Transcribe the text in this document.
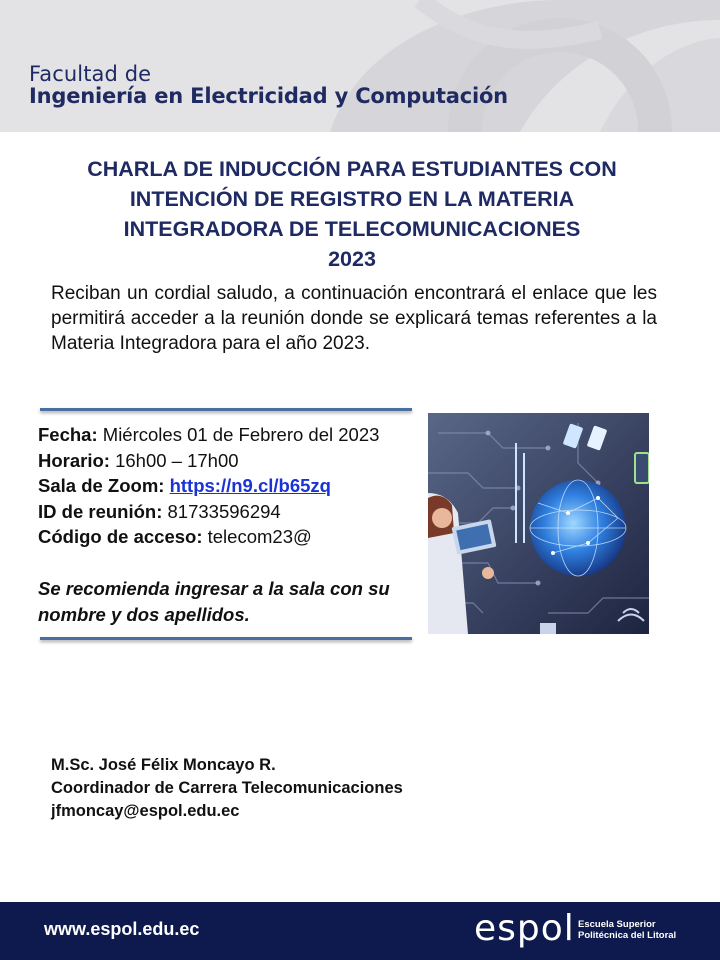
Facultad de
Ingeniería en Electricidad y Computación
CHARLA DE INDUCCIÓN PARA ESTUDIANTES CON
INTENCIÓN DE REGISTRO EN LA MATERIA
INTEGRADORA DE TELECOMUNICACIONES
2023
Reciban un cordial saludo, a continuación encontrará el enlace que les permitirá acceder a la reunión donde se explicará temas referentes a la Materia Integradora para el año 2023.
Fecha: Miércoles 01 de Febrero del 2023
Horario: 16h00 – 17h00
Sala de Zoom: https://n9.cl/b65zq
ID de reunión: 81733596294
Código de acceso: telecom23@
Se recomienda ingresar a la sala con su
nombre y dos apellidos.
M.Sc. José Félix Moncayo R.
Coordinador de Carrera Telecomunicaciones
jfmoncay@espol.edu.ec
www.espol.edu.ec	espol Escuela Superior
Politécnica del Litoral
